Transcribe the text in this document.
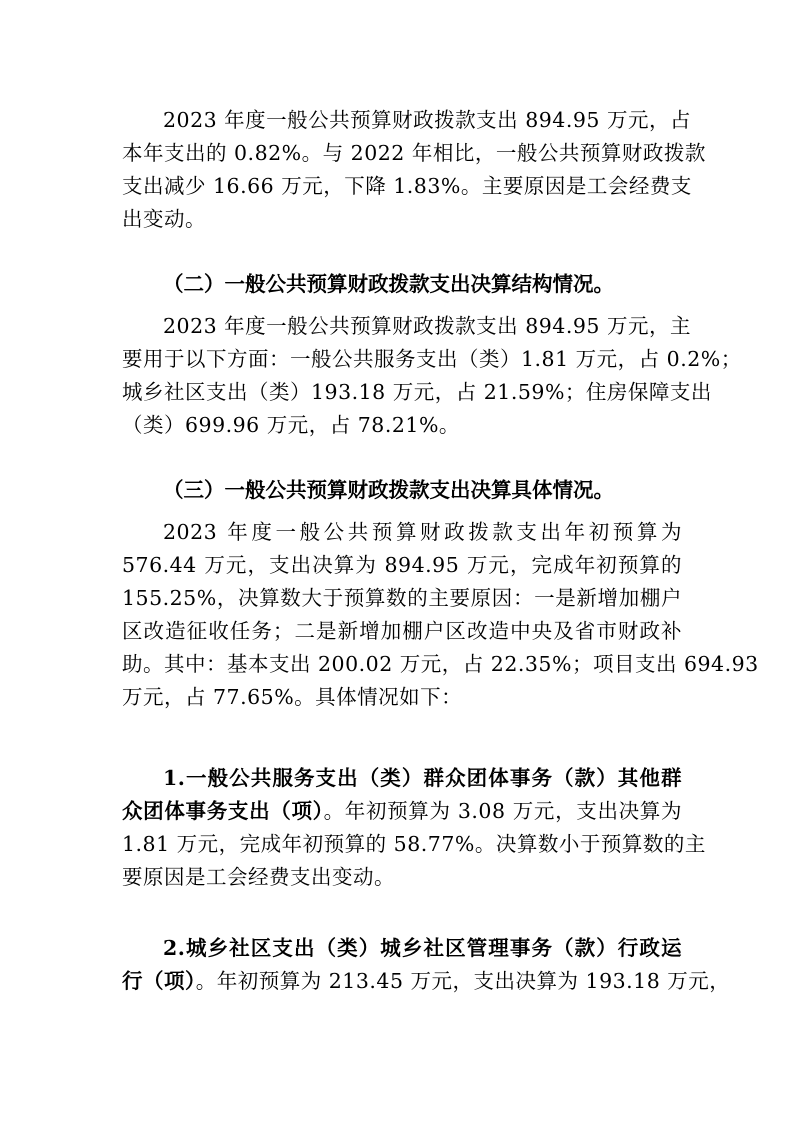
2023 年度一般公共预算财政拨款支出 894.95 万元，占
本年支出的 0.82%。与 2022 年相比，一般公共预算财政拨款
支出减少 16.66 万元，下降 1.83%。主要原因是工会经费支
出变动。
（二）一般公共预算财政拨款支出决算结构情况。
2023 年度一般公共预算财政拨款支出 894.95 万元，主
要用于以下方面：一般公共服务支出（类）1.81 万元，占 0.2%；
城乡社区支出（类）193.18 万元，占 21.59%；住房保障支出
（类）699.96 万元，占 78.21%。
（三）一般公共预算财政拨款支出决算具体情况。
2023 年度一般公共预算财政拨款支出年初预算为
576.44 万元，支出决算为 894.95 万元，完成年初预算的
155.25%，决算数大于预算数的主要原因：一是新增加棚户
区改造征收任务；二是新增加棚户区改造中央及省市财政补
助。其中：基本支出 200.02 万元，占 22.35%；项目支出 694.93
万元，占 77.65%。具体情况如下：
1.一般公共服务支出（类）群众团体事务（款）其他群
众团体事务支出（项）。年初预算为 3.08 万元，支出决算为
1.81 万元，完成年初预算的 58.77%。决算数小于预算数的主
要原因是工会经费支出变动。
2.城乡社区支出（类）城乡社区管理事务（款）行政运
行（项）。年初预算为 213.45 万元，支出决算为 193.18 万元，
